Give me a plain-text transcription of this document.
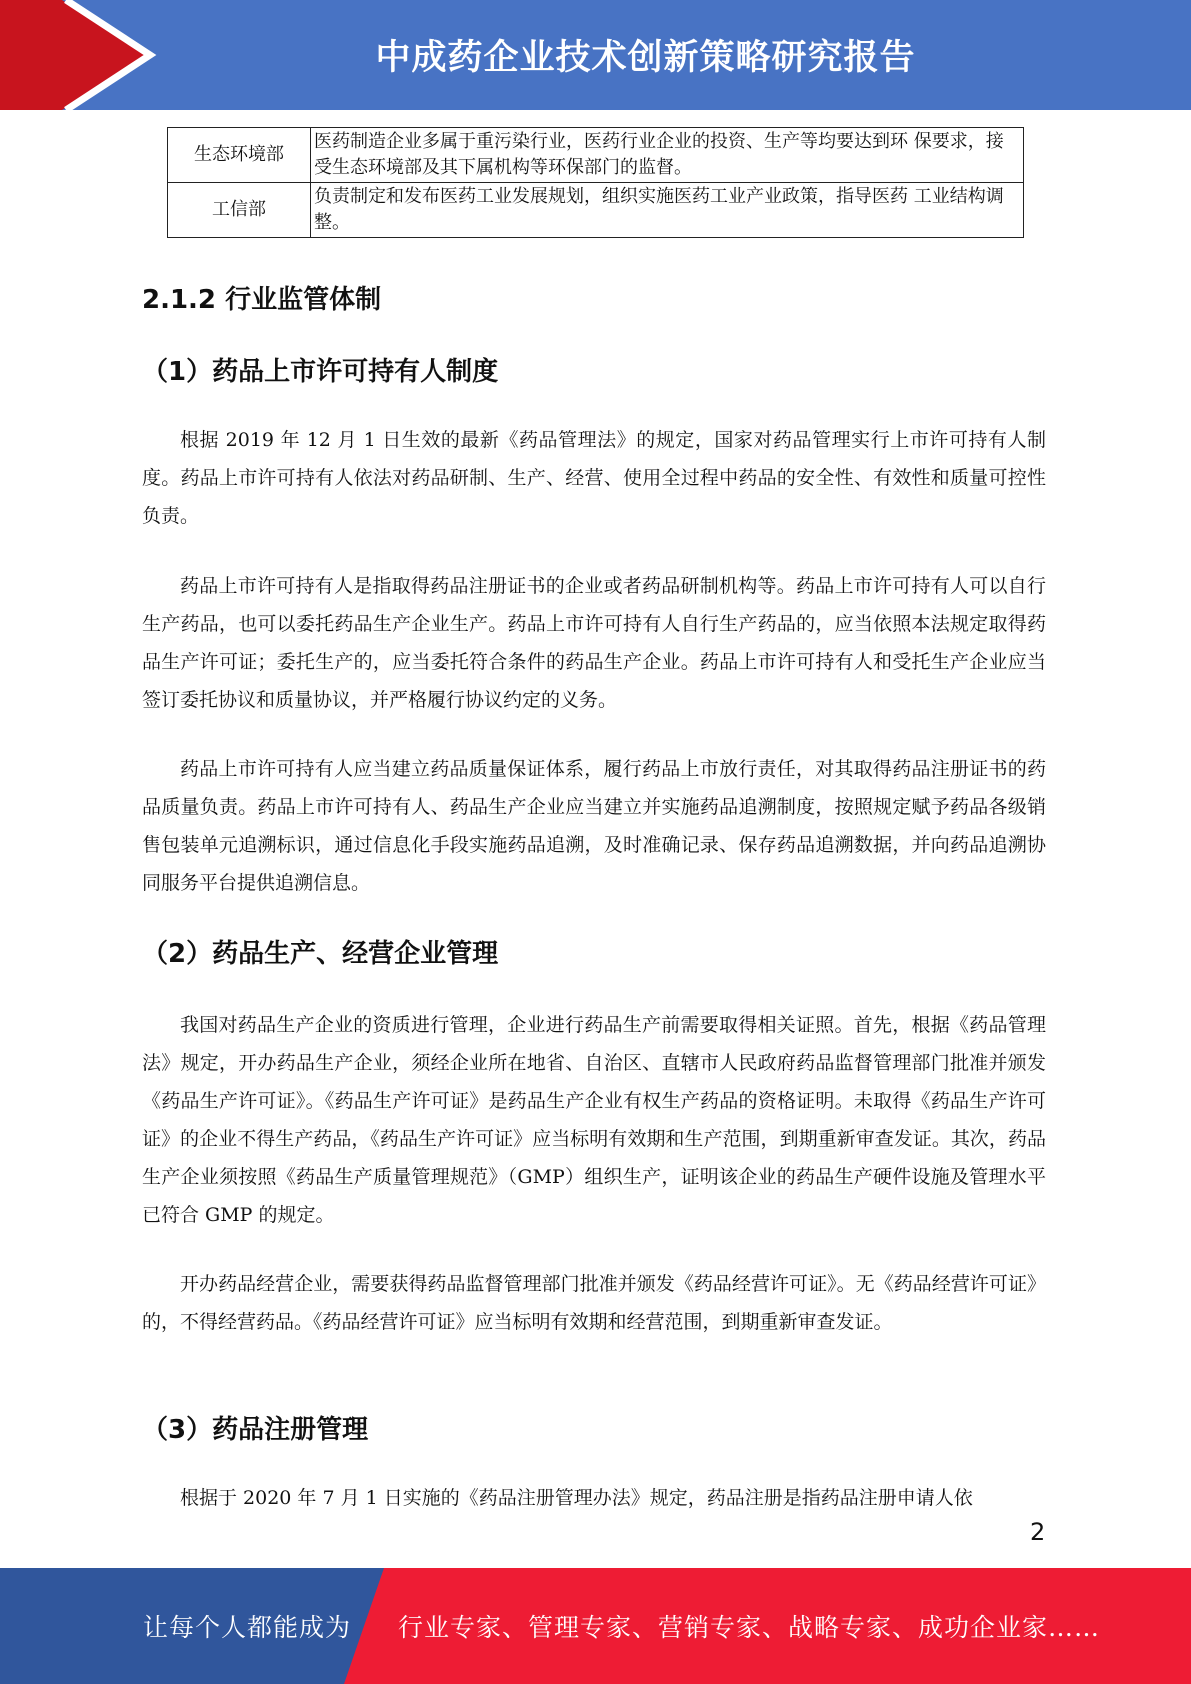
中成药企业技术创新策略研究报告
生态环境部	医药制造企业多属于重污染行业，医药行业企业的投资、生产等均要达到环 保要求，接受生态环境部及其下属机构等环保部门的监督。
工信部	负责制定和发布医药工业发展规划，组织实施医药工业产业政策，指导医药 工业结构调整。
2.1.2 行业监管体制
（1）药品上市许可持有人制度

根据 2019 年 12 月 1 日生效的最新《药品管理法》的规定，国家对药品管理实行上市许可持有人制度。药品上市许可持有人依法对药品研制、生产、经营、使用全过程中药品的安全性、有效性和质量可控性负责。

药品上市许可持有人是指取得药品注册证书的企业或者药品研制机构等。药品上市许可持有人可以自行生产药品，也可以委托药品生产企业生产。药品上市许可持有人自行生产药品的，应当依照本法规定取得药品生产许可证；委托生产的，应当委托符合条件的药品生产企业。药品上市许可持有人和受托生产企业应当签订委托协议和质量协议，并严格履行协议约定的义务。

药品上市许可持有人应当建立药品质量保证体系，履行药品上市放行责任，对其取得药品注册证书的药品质量负责。药品上市许可持有人、药品生产企业应当建立并实施药品追溯制度，按照规定赋予药品各级销售包装单元追溯标识，通过信息化手段实施药品追溯，及时准确记录、保存药品追溯数据，并向药品追溯协同服务平台提供追溯信息。

（2）药品生产、经营企业管理

我国对药品生产企业的资质进行管理，企业进行药品生产前需要取得相关证照。首先，根据《药品管理法》规定，开办药品生产企业，须经企业所在地省、自治区、直辖市人民政府药品监督管理部门批准并颁发《药品生产许可证》。《药品生产许可证》是药品生产企业有权生产药品的资格证明。未取得《药品生产许可证》的企业不得生产药品，《药品生产许可证》应当标明有效期和生产范围，到期重新审查发证。其次，药品生产企业须按照《药品生产质量管理规范》（GMP）组织生产，证明该企业的药品生产硬件设施及管理水平已符合 GMP 的规定。

开办药品经营企业，需要获得药品监督管理部门批准并颁发《药品经营许可证》。无《药品经营许可证》的，不得经营药品。《药品经营许可证》应当标明有效期和经营范围，到期重新审查发证。

（3）药品注册管理

根据于 2020 年 7 月 1 日实施的《药品注册管理办法》规定，药品注册是指药品注册申请人依

2
让每个人都能成为 行业专家、管理专家、营销专家、战略专家、成功企业家……
